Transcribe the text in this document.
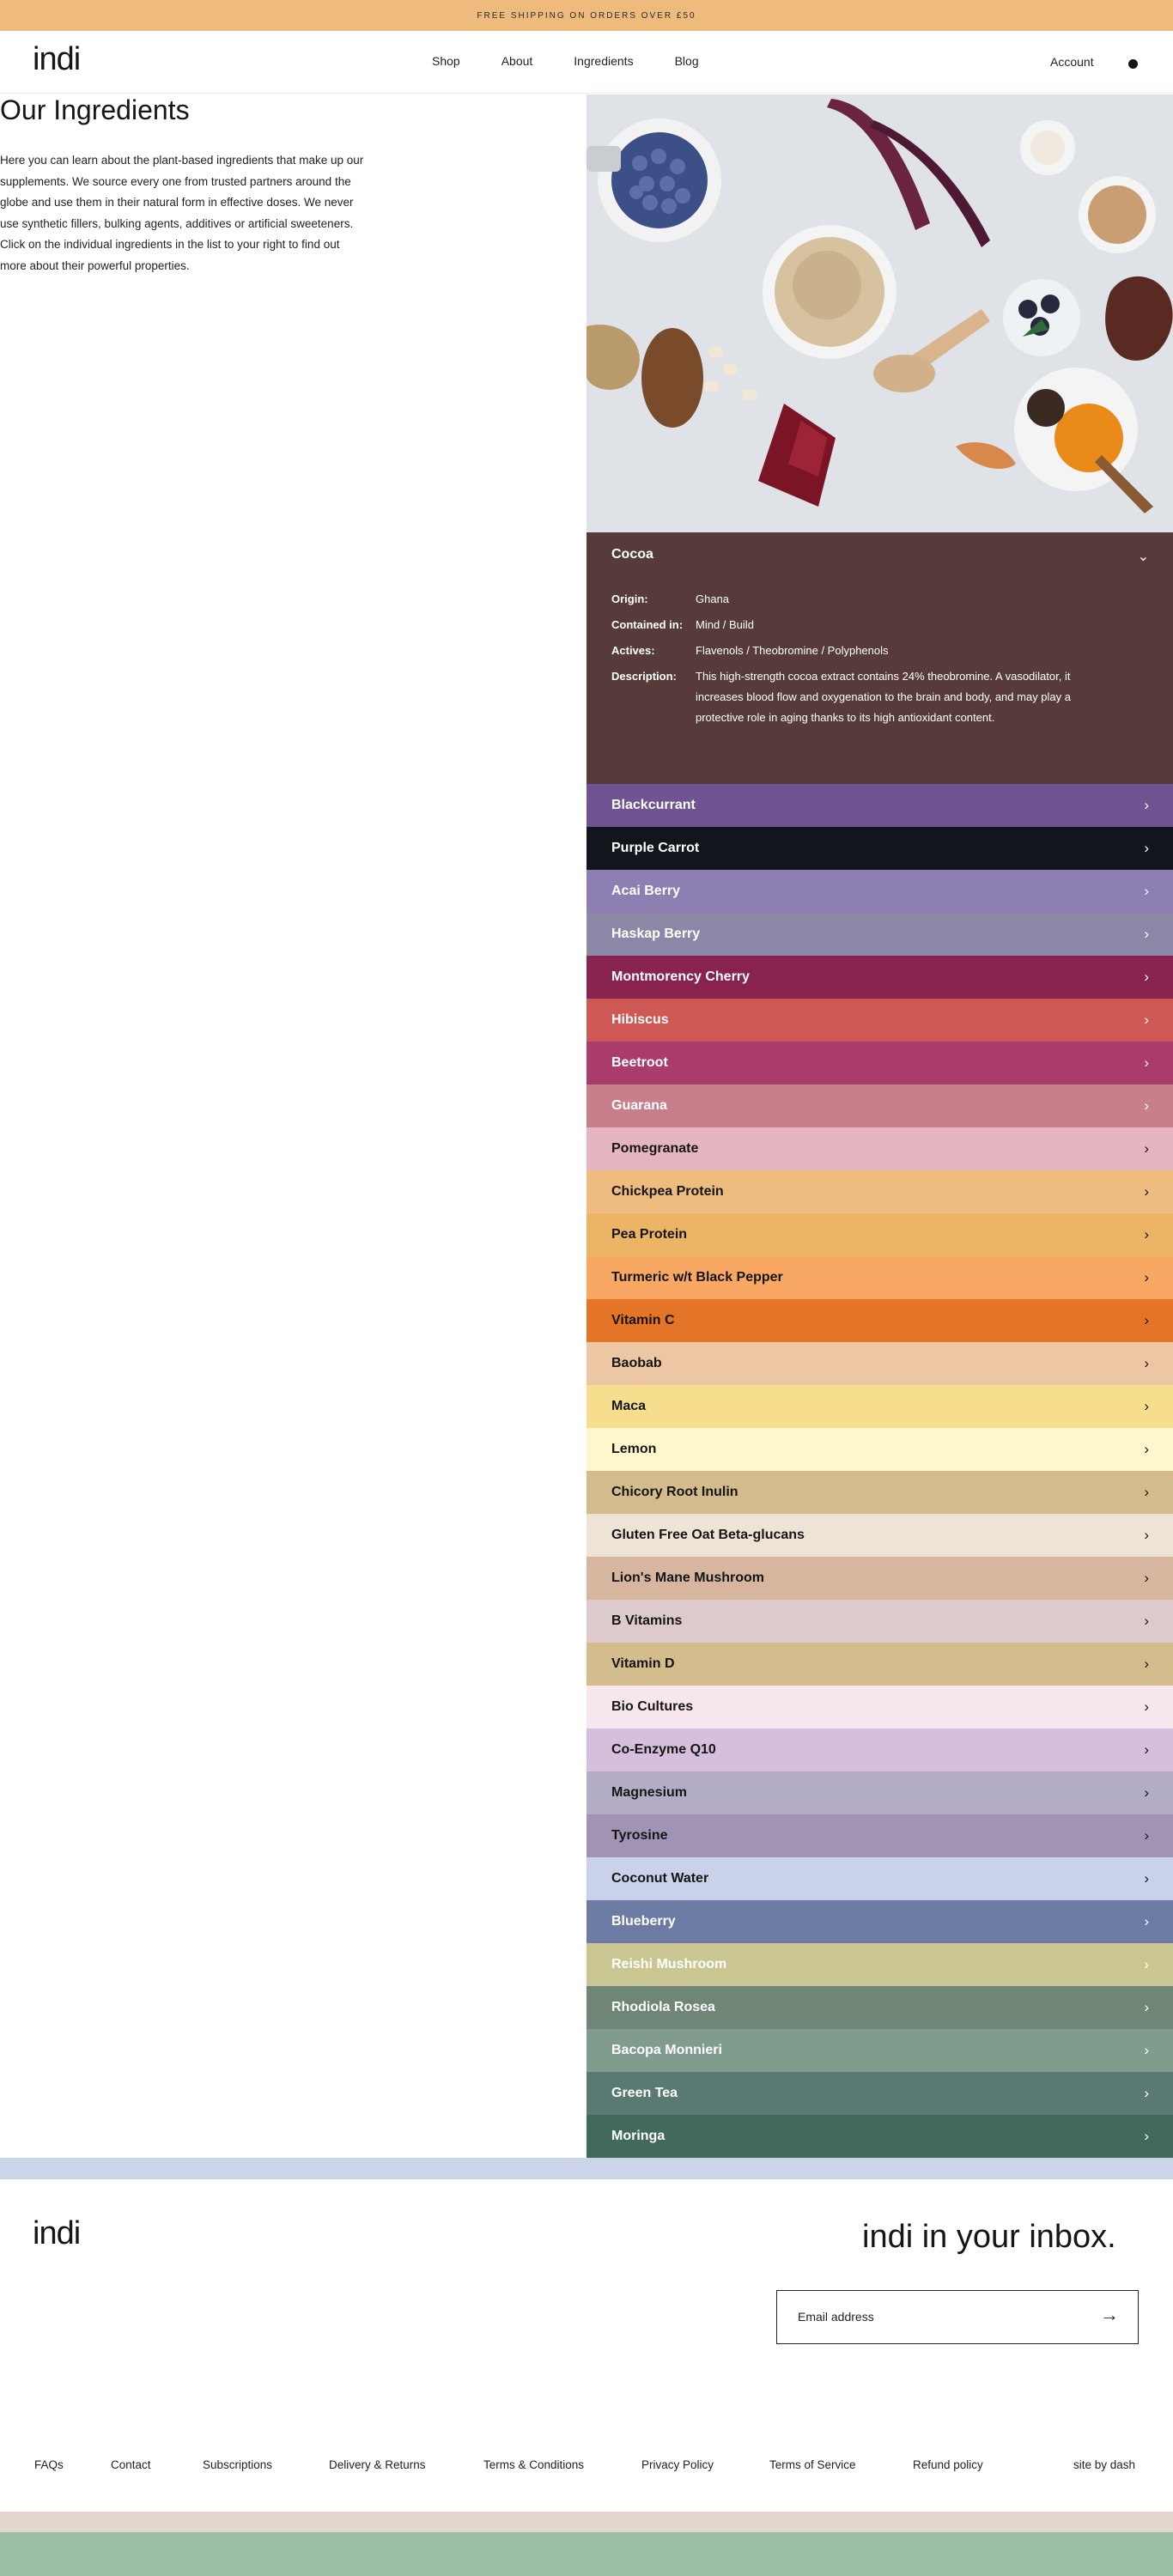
FREE SHIPPING ON ORDERS OVER £50
indi	Shop	About	Ingredients	Blog	Account
Our Ingredients

Here you can learn about the plant-based ingredients that make up our supplements. We source every one from trusted partners around the globe and use them in their natural form in effective doses. We never use synthetic fillers, bulking agents, additives or artificial sweeteners. Click on the individual ingredients in the list to your right to find out more about their powerful properties.

Cocoa	⌄
Origin:	Ghana
Contained in:	Mind / Build
Actives:	Flavenols / Theobromine / Polyphenols
Description:	This high-strength cocoa extract contains 24% theobromine. A vasodilator, it increases blood flow and oxygenation to the brain and body, and may play a protective role in aging thanks to its high antioxidant content.
Blackcurrant	›
Purple Carrot	›
Acai Berry	›
Haskap Berry	›
Montmorency Cherry	›
Hibiscus	›
Beetroot	›
Guarana	›
Pomegranate	›
Chickpea Protein	›
Pea Protein	›
Turmeric w/t Black Pepper	›
Vitamin C	›
Baobab	›
Maca	›
Lemon	›
Chicory Root Inulin	›
Gluten Free Oat Beta-glucans	›
Lion's Mane Mushroom	›
B Vitamins	›
Vitamin D	›
Bio Cultures	›
Co-Enzyme Q10	›
Magnesium	›
Tyrosine	›
Coconut Water	›
Blueberry	›
Reishi Mushroom	›
Rhodiola Rosea	›
Bacopa Monnieri	›
Green Tea	›
Moringa	›
indi	indi in your inbox.
Email address	→
FAQs	Contact	Subscriptions	Delivery & Returns	Terms & Conditions	Privacy Policy	Terms of Service	Refund policy	site by dash
